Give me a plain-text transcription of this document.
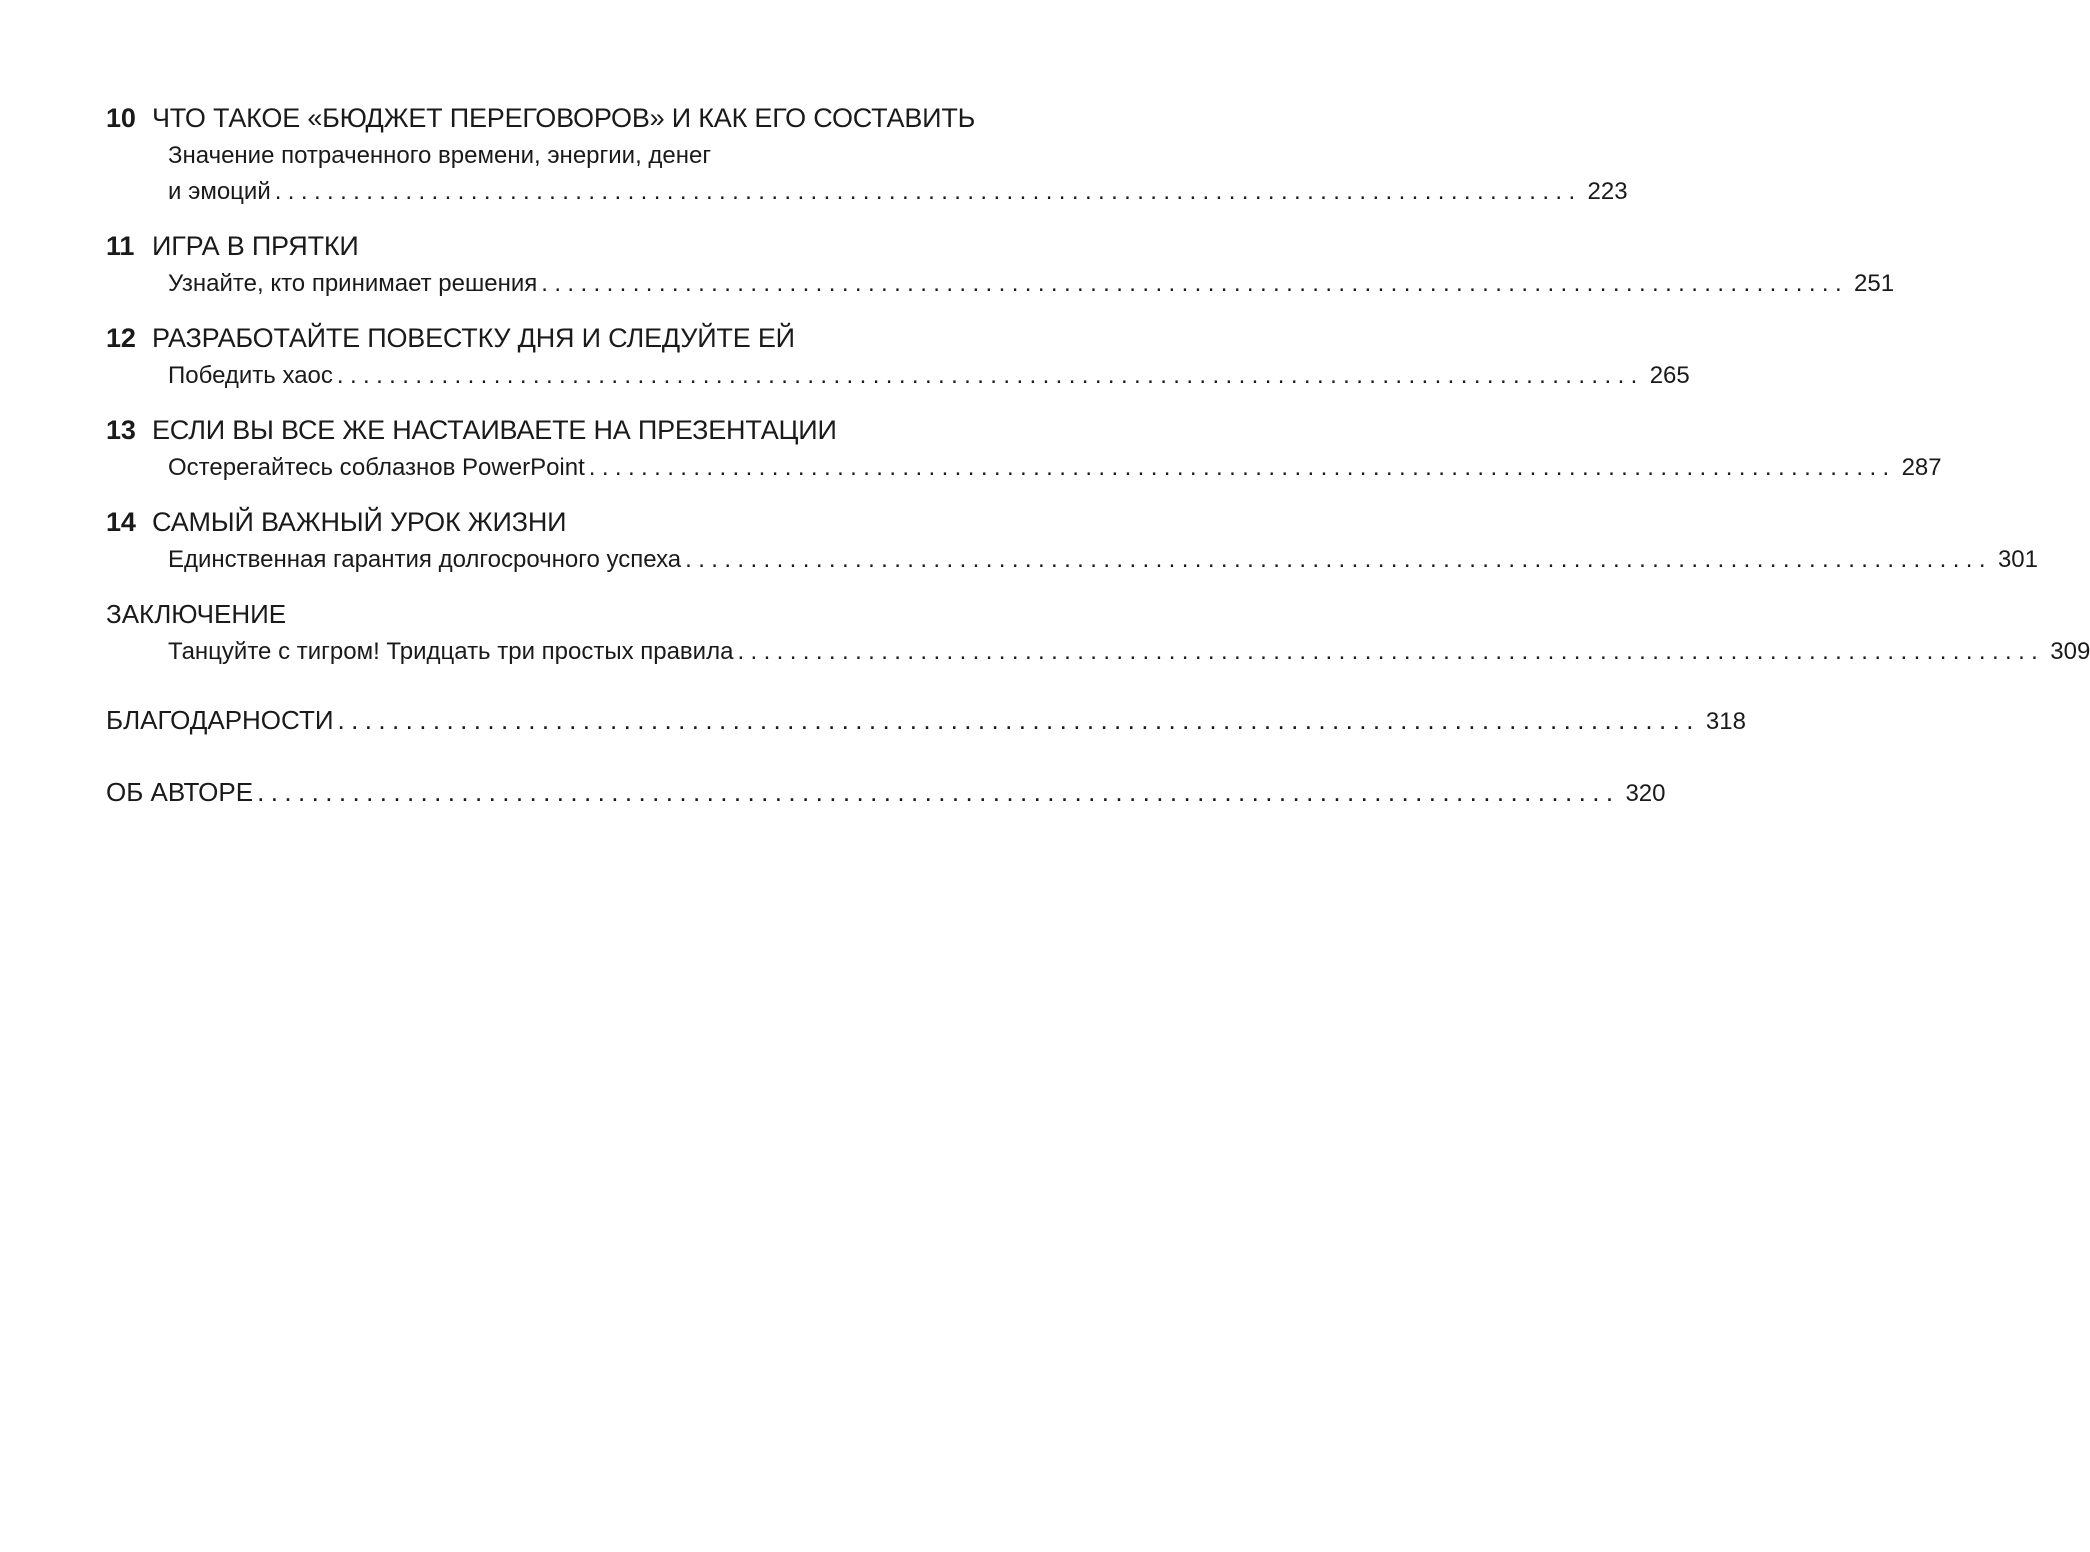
10 ЧТО ТАКОЕ «БЮДЖЕТ ПЕРЕГОВОРОВ» И КАК ЕГО СОСТАВИТЬ
Значение потраченного времени, энергии, денег
и эмоций .................................................................................................... 223
11 ИГРА В ПРЯТКИ
Узнайте, кто принимает решения .................................................................................................... 251
12 РАЗРАБОТАЙТЕ ПОВЕСТКУ ДНЯ И СЛЕДУЙТЕ ЕЙ
Победить хаос .................................................................................................... 265
13 ЕСЛИ ВЫ ВСЕ ЖЕ НАСТАИВАЕТЕ НА ПРЕЗЕНТАЦИИ
Остерегайтесь соблазнов PowerPoint .................................................................................................... 287
14 САМЫЙ ВАЖНЫЙ УРОК ЖИЗНИ
Единственная гарантия долгосрочного успеха .................................................................................................... 301
ЗАКЛЮЧЕНИЕ
Танцуйте с тигром! Тридцать три простых правила .................................................................................................... 309
БЛАГОДАРНОСТИ .................................................................................................... 318
ОБ АВТОРЕ .................................................................................................... 320
